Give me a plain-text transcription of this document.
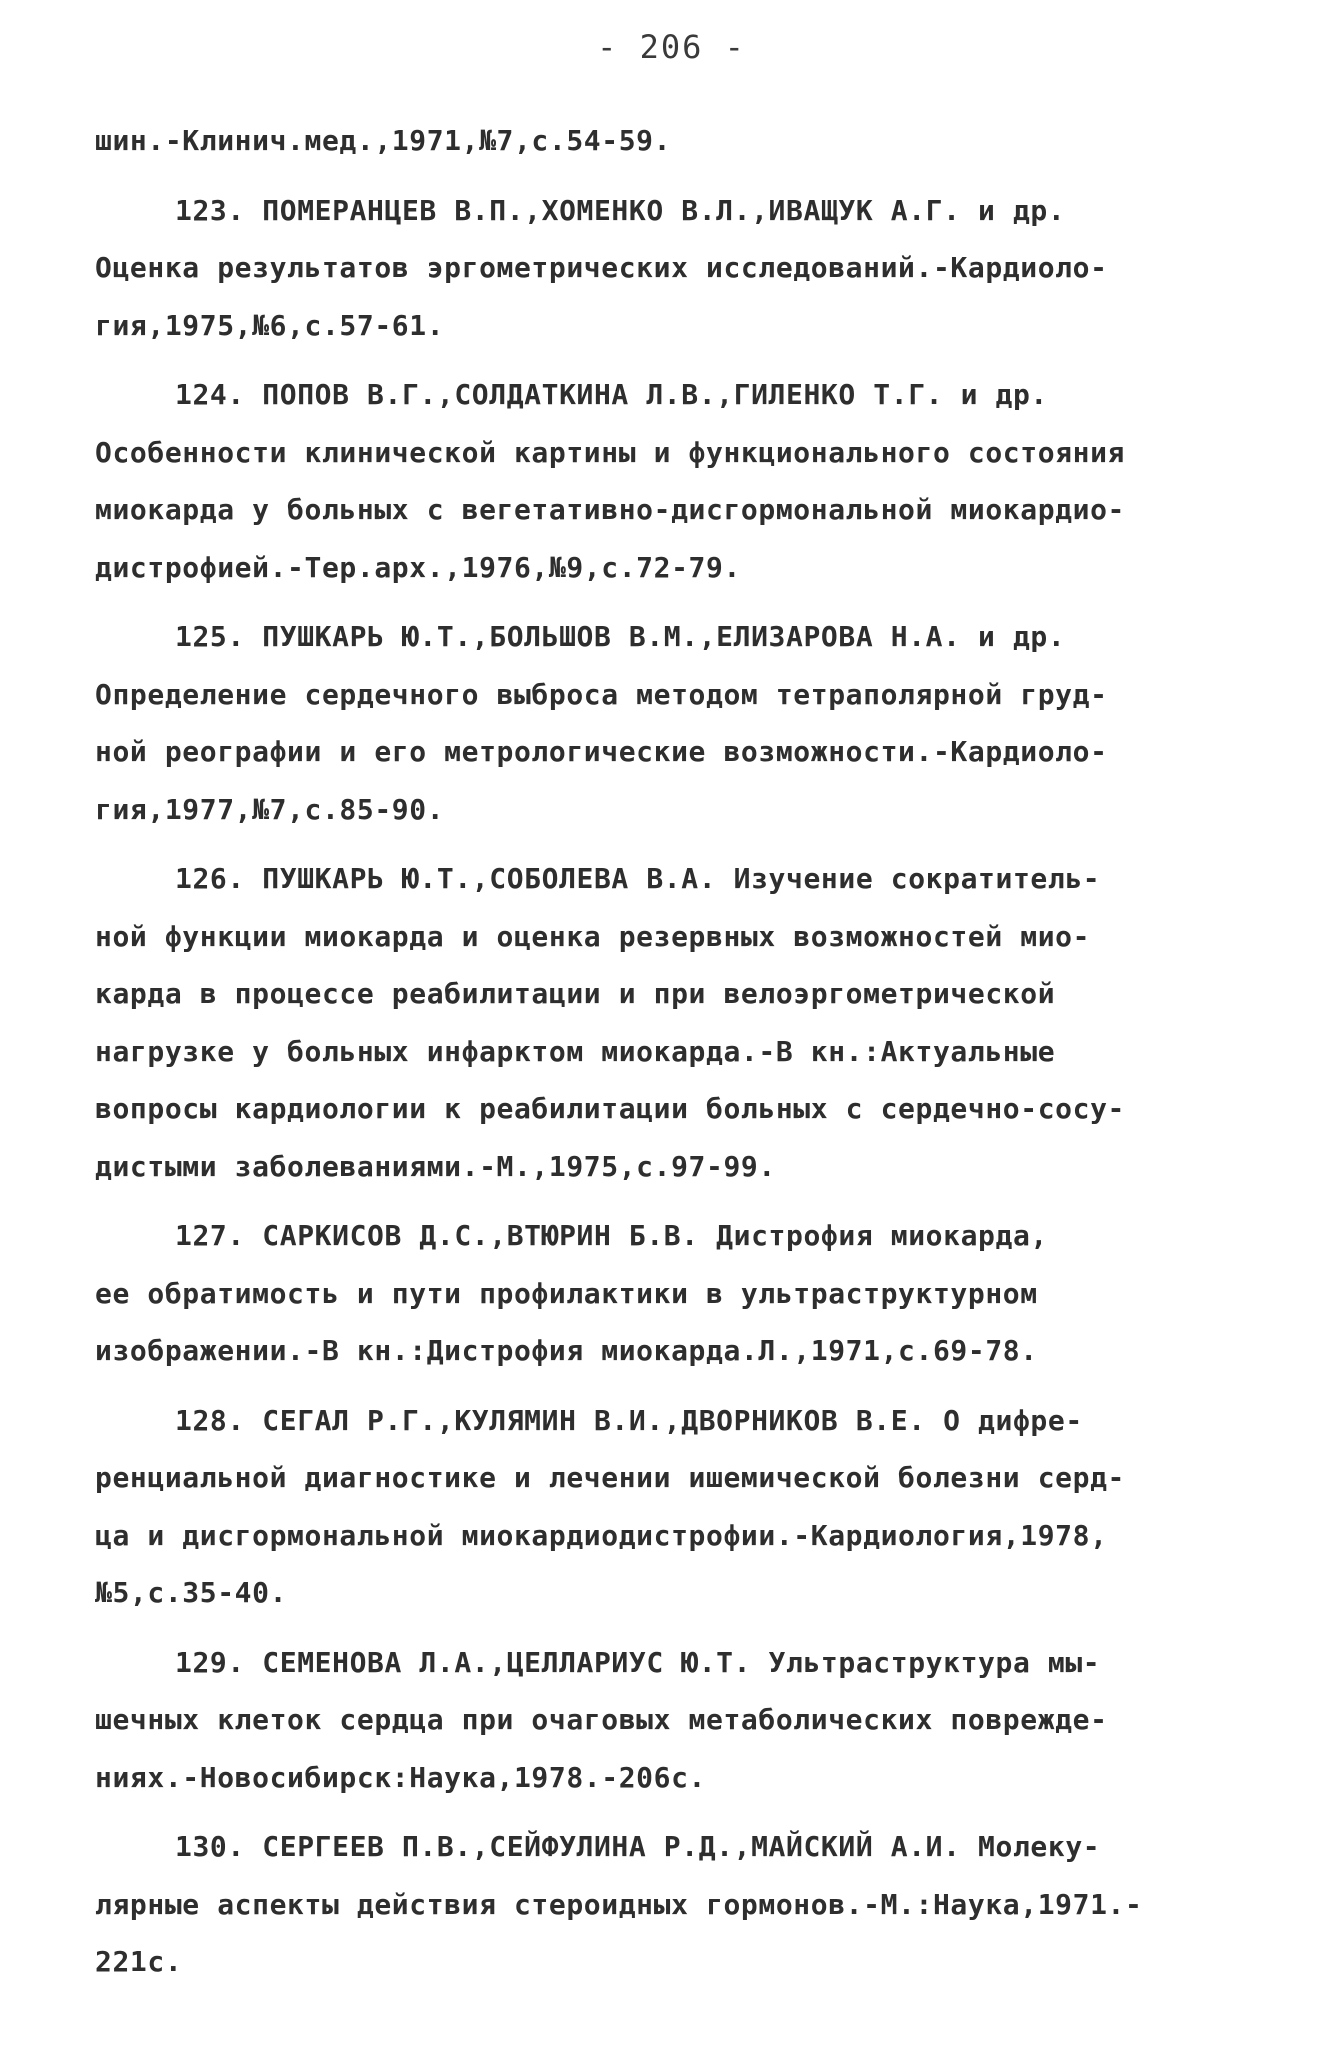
- 206 -
шин.-Клинич.мед.,1971,№7,с.54-59.
123. ПОМЕРАНЦЕВ В.П.,ХОМЕНКО В.Л.,ИВАЩУК А.Г. и др.
Оценка результатов эргометрических исследований.-Кардиоло-
гия,1975,№6,с.57-61.
124. ПОПОВ В.Г.,СОЛДАТКИНА Л.В.,ГИЛЕНКО Т.Г. и др.
Особенности клинической картины и функционального состояния
миокарда у больных с вегетативно-дисгормональной миокардио-
дистрофией.-Тер.арх.,1976,№9,с.72-79.
125. ПУШКАРЬ Ю.Т.,БОЛЬШОВ В.М.,ЕЛИЗАРОВА Н.А. и др.
Определение сердечного выброса методом тетраполярной груд-
ной реографии и его метрологические возможности.-Кардиоло-
гия,1977,№7,с.85-90.
126. ПУШКАРЬ Ю.Т.,СОБОЛЕВА В.А. Изучение сократитель-
ной функции миокарда и оценка резервных возможностей мио-
карда в процессе реабилитации и при велоэргометрической
нагрузке у больных инфарктом миокарда.-В кн.:Актуальные
вопросы кардиологии к реабилитации больных с сердечно-сосу-
дистыми заболеваниями.-М.,1975,с.97-99.
127. САРКИСОВ Д.С.,ВТЮРИН Б.В. Дистрофия миокарда,
ее обратимость и пути профилактики в ультраструктурном
изображении.-В кн.:Дистрофия миокарда.Л.,1971,с.69-78.
128. СЕГАЛ Р.Г.,КУЛЯМИН В.И.,ДВОРНИКОВ В.Е. О дифре-
ренциальной диагностике и лечении ишемической болезни серд-
ца и дисгормональной миокардиодистрофии.-Кардиология,1978,
№5,с.35-40.
129. СЕМЕНОВА Л.А.,ЦЕЛЛАРИУС Ю.Т. Ультраструктура мы-
шечных клеток сердца при очаговых метаболических поврежде-
ниях.-Новосибирск:Наука,1978.-206с.
130. СЕРГЕЕВ П.В.,СЕЙФУЛИНА Р.Д.,МАЙСКИЙ А.И. Молеку-
лярные аспекты действия стероидных гормонов.-М.:Наука,1971.-
221с.
